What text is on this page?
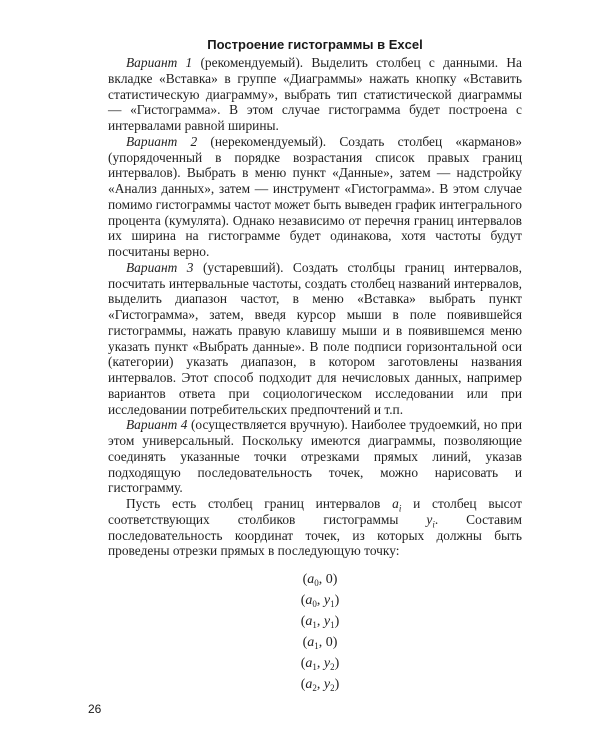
Построение гистограммы в Excel

Вариант 1 (рекомендуемый). Выделить столбец с данными. На вкладке «Вставка» в группе «Диаграммы» нажать кнопку «Вставить статистическую диаграмму», выбрать тип статистической диаграммы — «Гистограмма». В этом случае гистограмма будет построена с интервалами равной ширины.

Вариант 2 (нерекомендуемый). Создать столбец «карманов» (упорядоченный в порядке возрастания список правых границ интервалов). Выбрать в меню пункт «Данные», затем — надстройку «Анализ данных», затем — инструмент «Гистограмма». В этом случае помимо гистограммы частот может быть выведен график интегрального процента (кумулята). Однако независимо от перечня границ интервалов их ширина на гистограмме будет одинакова, хотя частоты будут посчитаны верно.

Вариант 3 (устаревший). Создать столбцы границ интервалов, посчитать интервальные частоты, создать столбец названий интервалов, выделить диапазон частот, в меню «Вставка» выбрать пункт «Гистограмма», затем, введя курсор мыши в поле появившейся гистограммы, нажать правую клавишу мыши и в появившемся меню указать пункт «Выбрать данные». В поле подписи горизонтальной оси (категории) указать диапазон, в котором заготовлены названия интервалов. Этот способ подходит для нечисловых данных, например вариантов ответа при социологическом исследовании или при исследовании потребительских предпочтений и т.п.

Вариант 4 (осуществляется вручную). Наиболее трудоемкий, но при этом универсальный. Поскольку имеются диаграммы, позволяющие соединять указанные точки отрезками прямых линий, указав подходящую последовательность точек, можно нарисовать и гистограмму.

Пусть есть столбец границ интервалов $a_i$ и столбец высот соответствующих столбиков гистограммы $y_i$. Составим последовательность координат точек, из которых должны быть проведены отрезки прямых в последующую точку:

($a_0$, 0)
($a_0$, $y_1$)
($a_1$, $y_1$)
($a_1$, 0)
($a_1$, $y_2$)
($a_2$, $y_2$)
26
